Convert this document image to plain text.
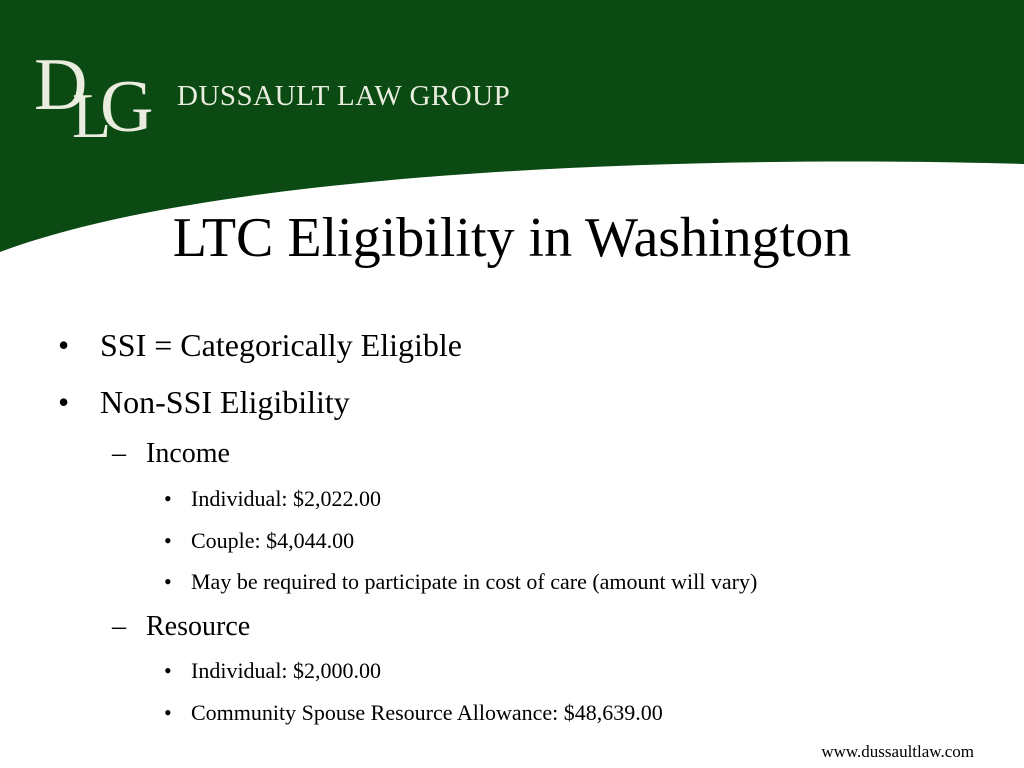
D
L
G DUSSAULT LAW GROUP
LTC Eligibility in Washington
• SSI = Categorically Eligible
• Non-SSI Eligibility
– Income
• Individual: $2,022.00
• Couple: $4,044.00
• May be required to participate in cost of care (amount will vary)
– Resource
• Individual: $2,000.00
• Community Spouse Resource Allowance: $48,639.00
www.dussaultlaw.com
